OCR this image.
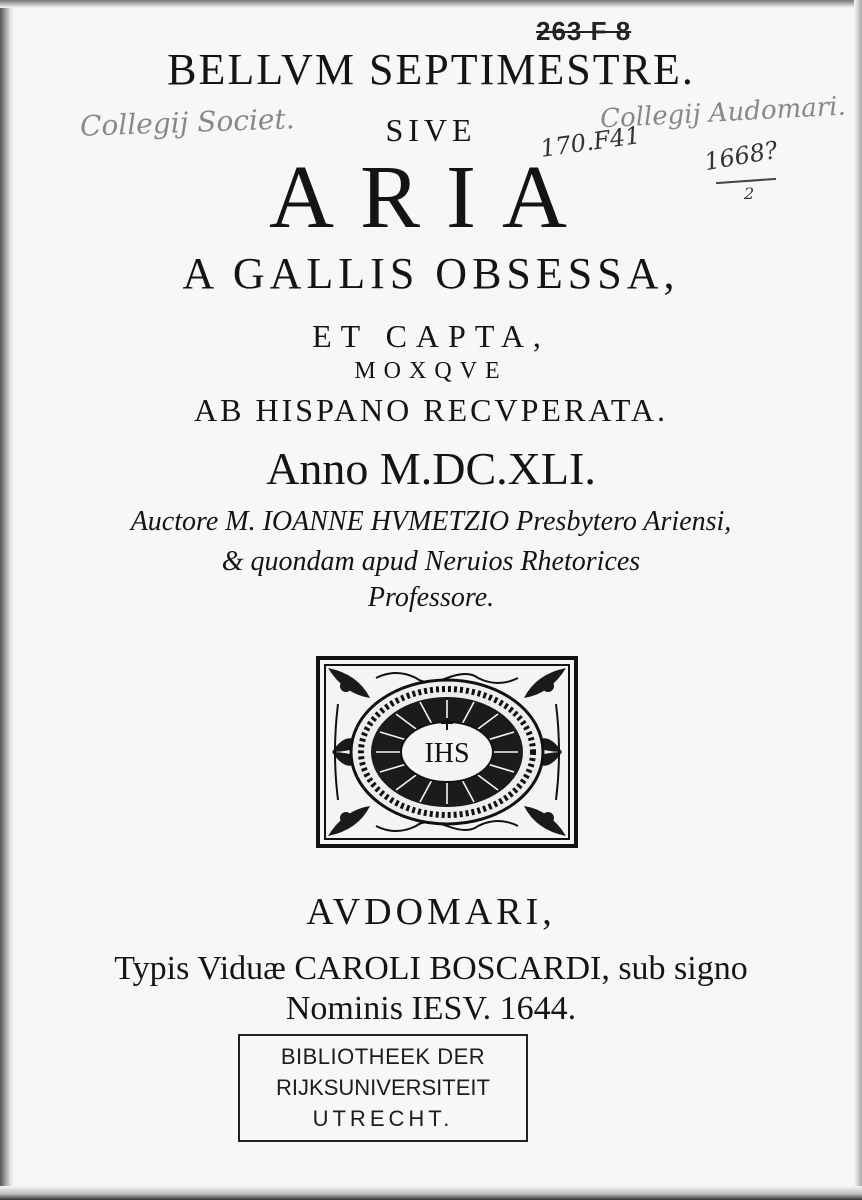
263 F 8
Collegij Societ.	Collegij Audomari.
170.F41	1668?
2
BELLVM SEPTIMESTRE.
SIVE
ARIA
A GALLIS OBSESSA,
ET CAPTA,
MOXQVE
AB HISPANO RECVPERATA.
Anno M.DC.XLI.
Auctore M. IOANNE HVMETZIO Presbytero Ariensi,
& quondam apud Neruios Rhetorices
Professore.
IHS
AVDOMARI,
Typis Viduæ CAROLI BOSCARDI, sub signo
Nominis IESV. 1644.
BIBLIOTHEEK DER
RIJKSUNIVERSITEIT
UTRECHT.
